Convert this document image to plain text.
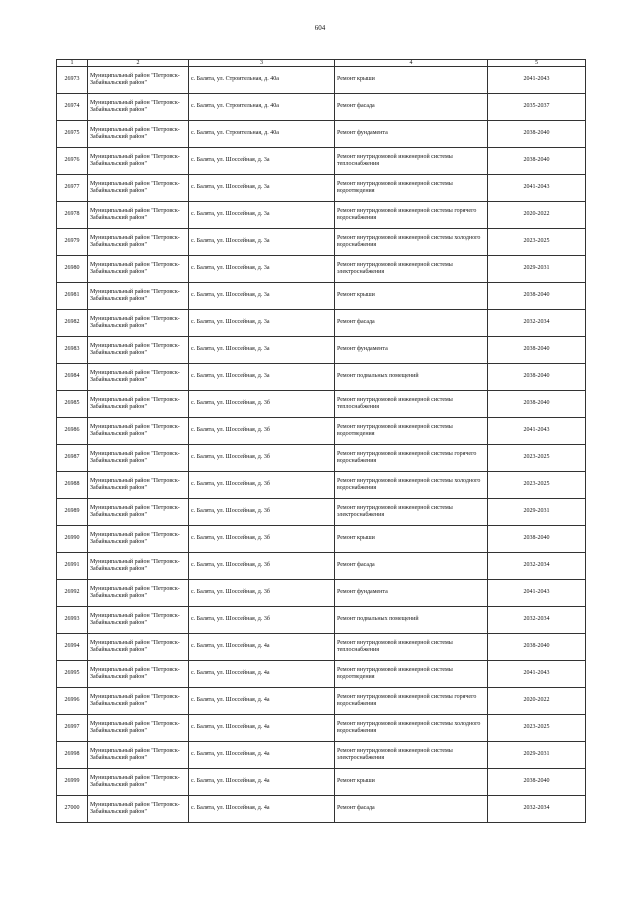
604
1	2	3	4	5
26973	Муниципальный район "Петровск-Забайкальский район"	с. Балята, ул. Строительная, д. 40а	Ремонт крыши	2041-2043
26974	Муниципальный район "Петровск-Забайкальский район"	с. Балята, ул. Строительная, д. 40а	Ремонт фасада	2035-2037
26975	Муниципальный район "Петровск-Забайкальский район"	с. Балята, ул. Строительная, д. 40а	Ремонт фундамента	2038-2040
26976	Муниципальный район "Петровск-Забайкальский район"	с. Балята, ул. Шоссейная, д. 3а	Ремонт внутридомовой инженерной системы теплоснабжения	2038-2040
26977	Муниципальный район "Петровск-Забайкальский район"	с. Балята, ул. Шоссейная, д. 3а	Ремонт внутридомовой инженерной системы водоотведения	2041-2043
26978	Муниципальный район "Петровск-Забайкальский район"	с. Балята, ул. Шоссейная, д. 3а	Ремонт внутридомовой инженерной системы горячего водоснабжения	2020-2022
26979	Муниципальный район "Петровск-Забайкальский район"	с. Балята, ул. Шоссейная, д. 3а	Ремонт внутридомовой инженерной системы холодного водоснабжения	2023-2025
26980	Муниципальный район "Петровск-Забайкальский район"	с. Балята, ул. Шоссейная, д. 3а	Ремонт внутридомовой инженерной системы электроснабжения	2029-2031
26981	Муниципальный район "Петровск-Забайкальский район"	с. Балята, ул. Шоссейная, д. 3а	Ремонт крыши	2038-2040
26982	Муниципальный район "Петровск-Забайкальский район"	с. Балята, ул. Шоссейная, д. 3а	Ремонт фасада	2032-2034
26983	Муниципальный район "Петровск-Забайкальский район"	с. Балята, ул. Шоссейная, д. 3а	Ремонт фундамента	2038-2040
26984	Муниципальный район "Петровск-Забайкальский район"	с. Балята, ул. Шоссейная, д. 3а	Ремонт подвальных помещений	2038-2040
26985	Муниципальный район "Петровск-Забайкальский район"	с. Балята, ул. Шоссейная, д. 3б	Ремонт внутридомовой инженерной системы теплоснабжения	2038-2040
26986	Муниципальный район "Петровск-Забайкальский район"	с. Балята, ул. Шоссейная, д. 3б	Ремонт внутридомовой инженерной системы водоотведения	2041-2043
26987	Муниципальный район "Петровск-Забайкальский район"	с. Балята, ул. Шоссейная, д. 3б	Ремонт внутридомовой инженерной системы горячего водоснабжения	2023-2025
26988	Муниципальный район "Петровск-Забайкальский район"	с. Балята, ул. Шоссейная, д. 3б	Ремонт внутридомовой инженерной системы холодного водоснабжения	2023-2025
26989	Муниципальный район "Петровск-Забайкальский район"	с. Балята, ул. Шоссейная, д. 3б	Ремонт внутридомовой инженерной системы электроснабжения	2029-2031
26990	Муниципальный район "Петровск-Забайкальский район"	с. Балята, ул. Шоссейная, д. 3б	Ремонт крыши	2038-2040
26991	Муниципальный район "Петровск-Забайкальский район"	с. Балята, ул. Шоссейная, д. 3б	Ремонт фасада	2032-2034
26992	Муниципальный район "Петровск-Забайкальский район"	с. Балята, ул. Шоссейная, д. 3б	Ремонт фундамента	2041-2043
26993	Муниципальный район "Петровск-Забайкальский район"	с. Балята, ул. Шоссейная, д. 3б	Ремонт подвальных помещений	2032-2034
26994	Муниципальный район "Петровск-Забайкальский район"	с. Балята, ул. Шоссейная, д. 4а	Ремонт внутридомовой инженерной системы теплоснабжения	2038-2040
26995	Муниципальный район "Петровск-Забайкальский район"	с. Балята, ул. Шоссейная, д. 4а	Ремонт внутридомовой инженерной системы водоотведения	2041-2043
26996	Муниципальный район "Петровск-Забайкальский район"	с. Балята, ул. Шоссейная, д. 4а	Ремонт внутридомовой инженерной системы горячего водоснабжения	2020-2022
26997	Муниципальный район "Петровск-Забайкальский район"	с. Балята, ул. Шоссейная, д. 4а	Ремонт внутридомовой инженерной системы холодного водоснабжения	2023-2025
26998	Муниципальный район "Петровск-Забайкальский район"	с. Балята, ул. Шоссейная, д. 4а	Ремонт внутридомовой инженерной системы электроснабжения	2029-2031
26999	Муниципальный район "Петровск-Забайкальский район"	с. Балята, ул. Шоссейная, д. 4а	Ремонт крыши	2038-2040
27000	Муниципальный район "Петровск-Забайкальский район"	с. Балята, ул. Шоссейная, д. 4а	Ремонт фасада	2032-2034
